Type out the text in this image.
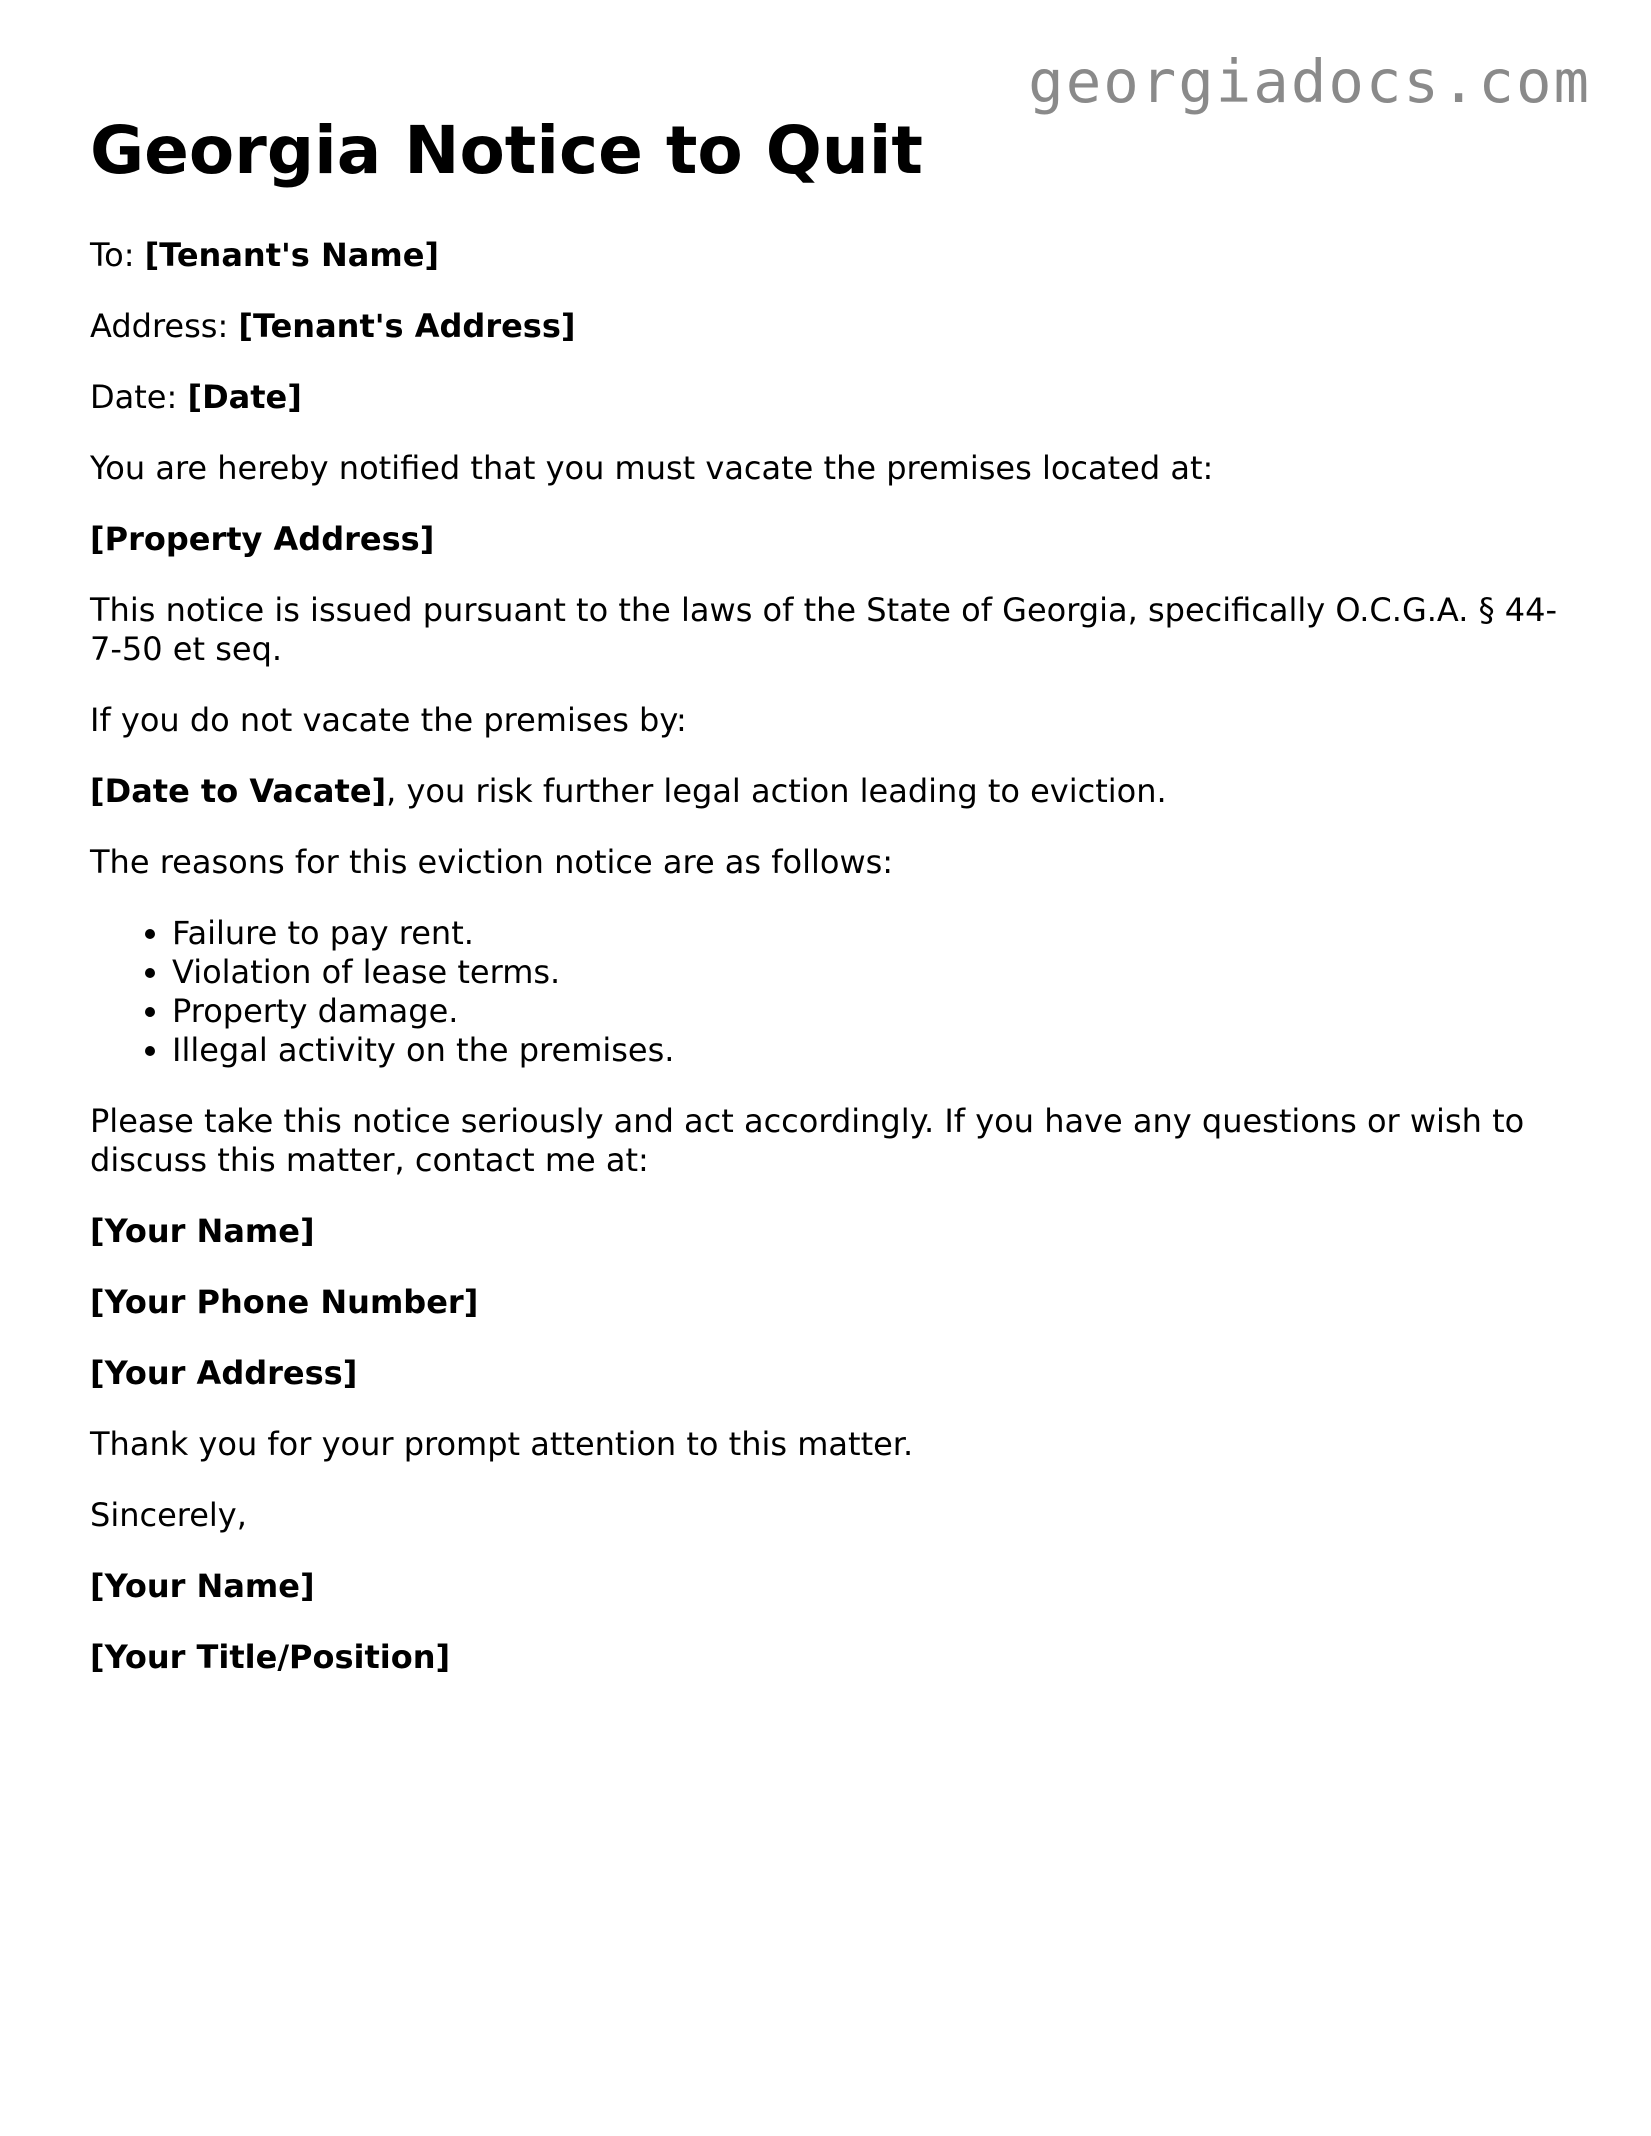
georgiadocs.com
Georgia Notice to Quit

To: [Tenant's Name]

Address: [Tenant's Address]

Date: [Date]

You are hereby notified that you must vacate the premises located at:

[Property Address]

This notice is issued pursuant to the laws of the State of Georgia, specifically O.C.G.A. § 44-7-50 et seq.

If you do not vacate the premises by:

[Date to Vacate], you risk further legal action leading to eviction.

The reasons for this eviction notice are as follows:

• Failure to pay rent.
• Violation of lease terms.
• Property damage.
• Illegal activity on the premises.

Please take this notice seriously and act accordingly. If you have any questions or wish to discuss this matter, contact me at:

[Your Name]

[Your Phone Number]

[Your Address]

Thank you for your prompt attention to this matter.

Sincerely,

[Your Name]

[Your Title/Position]
